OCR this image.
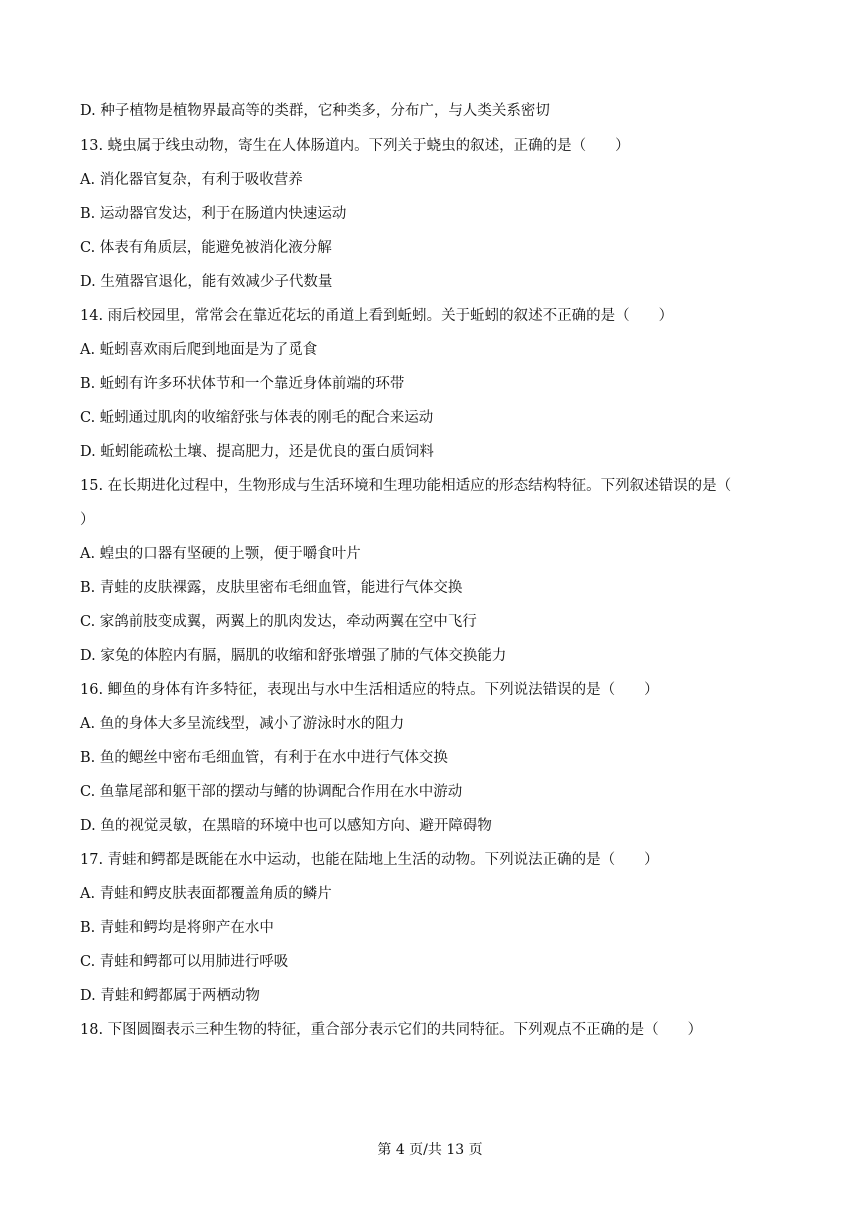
D. 种子植物是植物界最高等的类群，它种类多，分布广，与人类关系密切
13. 蛲虫属于线虫动物，寄生在人体肠道内。下列关于蛲虫的叙述，正确的是（　　）
A. 消化器官复杂，有利于吸收营养
B. 运动器官发达，利于在肠道内快速运动
C. 体表有角质层，能避免被消化液分解
D. 生殖器官退化，能有效减少子代数量
14. 雨后校园里，常常会在靠近花坛的甬道上看到蚯蚓。关于蚯蚓的叙述不正确的是（　　）
A. 蚯蚓喜欢雨后爬到地面是为了觅食
B. 蚯蚓有许多环状体节和一个靠近身体前端的环带
C. 蚯蚓通过肌肉的收缩舒张与体表的刚毛的配合来运动
D. 蚯蚓能疏松土壤、提高肥力，还是优良的蛋白质饲料
15. 在长期进化过程中，生物形成与生活环境和生理功能相适应的形态结构特征。下列叙述错误的是（
）
A. 蝗虫的口器有坚硬的上颚，便于嚼食叶片
B. 青蛙的皮肤裸露，皮肤里密布毛细血管，能进行气体交换
C. 家鸽前肢变成翼，两翼上的肌肉发达，牵动两翼在空中飞行
D. 家兔的体腔内有膈，膈肌的收缩和舒张增强了肺的气体交换能力
16. 鲫鱼的身体有许多特征，表现出与水中生活相适应的特点。下列说法错误的是（　　）
A. 鱼的身体大多呈流线型，减小了游泳时水的阻力
B. 鱼的鳃丝中密布毛细血管，有利于在水中进行气体交换
C. 鱼靠尾部和躯干部的摆动与鳍的协调配合作用在水中游动
D. 鱼的视觉灵敏，在黑暗的环境中也可以感知方向、避开障碍物
17. 青蛙和鳄都是既能在水中运动，也能在陆地上生活的动物。下列说法正确的是（　　）
A. 青蛙和鳄皮肤表面都覆盖角质的鳞片
B. 青蛙和鳄均是将卵产在水中
C. 青蛙和鳄都可以用肺进行呼吸
D. 青蛙和鳄都属于两栖动物
18. 下图圆圈表示三种生物的特征，重合部分表示它们的共同特征。下列观点不正确的是（　　）
第 4 页/共 13 页
